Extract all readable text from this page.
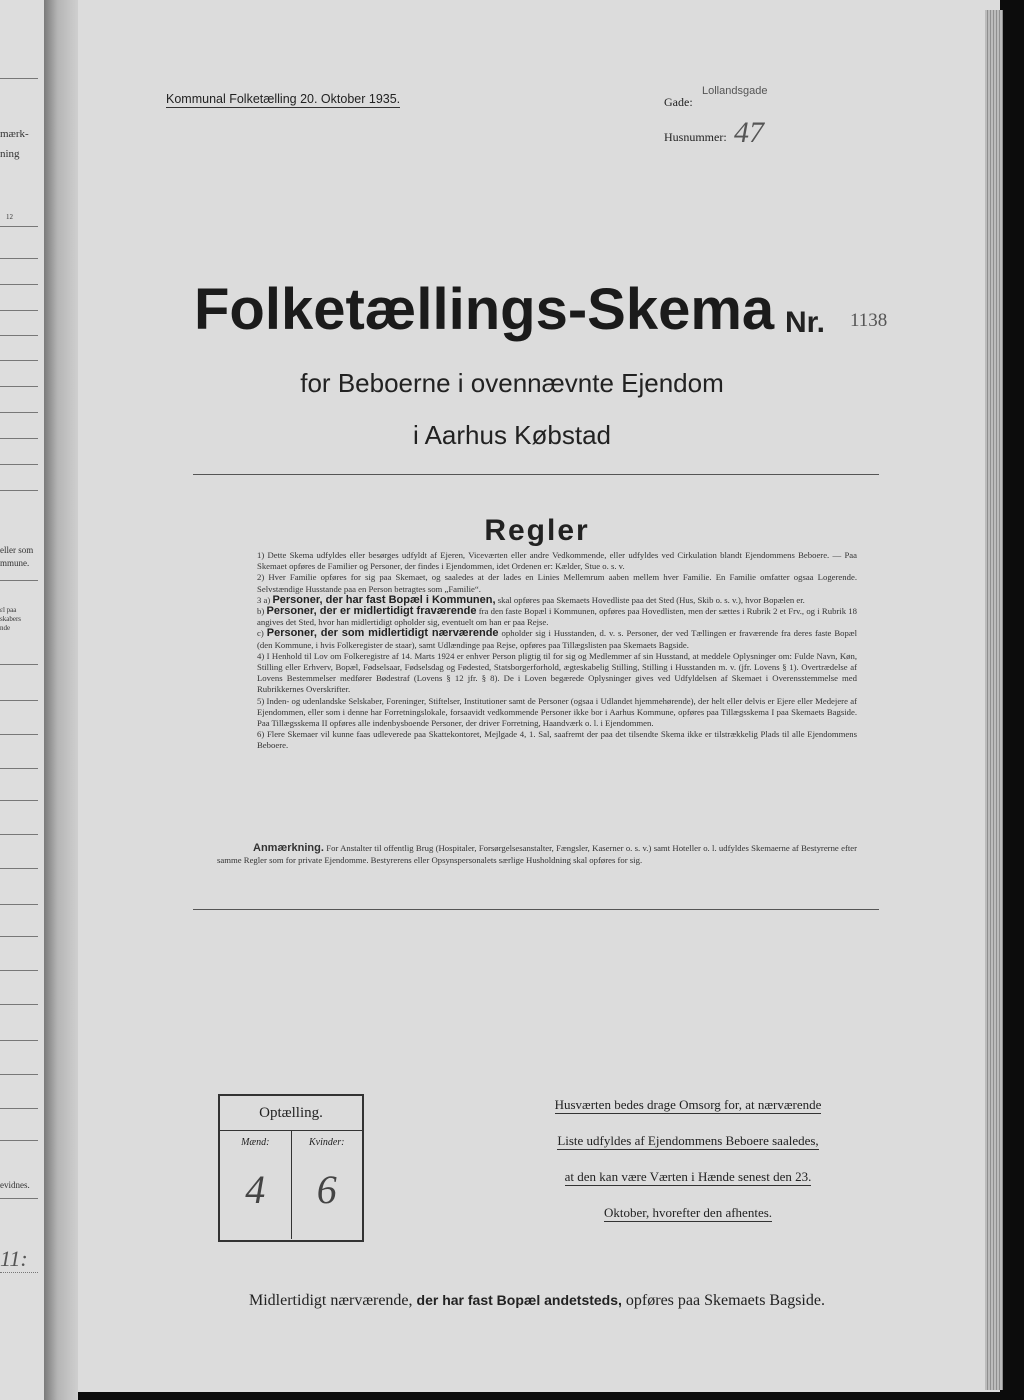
mærk-
ning
12
eller som
mmune.
ɛl paa
skabers
nde
evidnes.
11:
Kommunal Folketælling 20. Oktober 1935.	Gade:
Lollandsgade
Husnummer: 47
Folketællings-Skema Nr. 1138
for Beboerne i ovennævnte Ejendom
i Aarhus Købstad
Regler

1) Dette Skema udfyldes eller besørges udfyldt af Ejeren, Viceværten eller andre Vedkommende, eller udfyldes ved Cirkulation blandt Ejendommens Beboere. — Paa Skemaet opføres de Familier og Personer, der findes i Ejendommen, idet Ordenen er: Kælder, Stue o. s. v.

2) Hver Familie opføres for sig paa Skemaet, og saaledes at der lades en Linies Mellemrum aaben mellem hver Familie. En Familie omfatter ogsaa Logerende. Selvstændige Husstande paa en Person betragtes som „Familie“.

3 a) Personer, der har fast Bopæl i Kommunen, skal opføres paa Skemaets Hovedliste paa det Sted (Hus, Skib o. s. v.), hvor Bopælen er.

b) Personer, der er midlertidigt fraværende fra den faste Bopæl i Kommunen, opføres paa Hovedlisten, men der sættes i Rubrik 2 et Frv., og i Rubrik 18 angives det Sted, hvor han midlertidigt opholder sig, eventuelt om han er paa Rejse.

c) Personer, der som midlertidigt nærværende opholder sig i Husstanden, d. v. s. Personer, der ved Tællingen er fraværende fra deres faste Bopæl (den Kommune, i hvis Folkeregister de staar), samt Udlændinge paa Rejse, opføres paa Tillægslisten paa Skemaets Bagside.

4) I Henhold til Lov om Folkeregistre af 14. Marts 1924 er enhver Person pligtig til for sig og Medlemmer af sin Husstand, at meddele Oplysninger om: Fulde Navn, Køn, Stilling eller Erhverv, Bopæl, Fødselsaar, Fødselsdag og Fødested, Statsborgerforhold, ægteskabelig Stilling, Stilling i Husstanden m. v. (jfr. Lovens § 1). Overtrædelse af Lovens Bestemmelser medfører Bødestraf (Lovens § 12 jfr. § 8). De i Loven begærede Oplysninger gives ved Udfyldelsen af Skemaet i Overensstemmelse med Rubrikkernes Overskrifter.

5) Inden- og udenlandske Selskaber, Foreninger, Stiftelser, Institutioner samt de Personer (ogsaa i Udlandet hjemmehørende), der helt eller delvis er Ejere eller Medejere af Ejendommen, eller som i denne har Forretningslokale, forsaavidt vedkommende Personer ikke bor i Aarhus Kommune, opføres paa Tillægsskema I paa Skemaets Bagside. Paa Tillægsskema II opføres alle indenbysboende Personer, der driver Forretning, Haandværk o. l. i Ejendommen.

6) Flere Skemaer vil kunne faas udleverede paa Skattekontoret, Mejlgade 4, 1. Sal, saafremt der paa det tilsendte Skema ikke er tilstrækkelig Plads til alle Ejendommens Beboere.

Anmærkning. For Anstalter til offentlig Brug (Hospitaler, Forsørgelsesanstalter, Fængsler, Kaserner o. s. v.) samt Hoteller o. l. udfyldes Skemaerne af Bestyrerne efter samme Regler som for private Ejendomme. Bestyrerens eller Opsynspersonalets særlige Husholdning skal opføres for sig.
Optælling.
Mænd:
4
Kvinder:
6
Husværten bedes drage Omsorg for, at nærværende
Liste udfyldes af Ejendommens Beboere saaledes,
at den kan være Værten i Hænde senest den 23.
Oktober, hvorefter den afhentes.
Midlertidigt nærværende, der har fast Bopæl andetsteds, opføres paa Skemaets Bagside.
